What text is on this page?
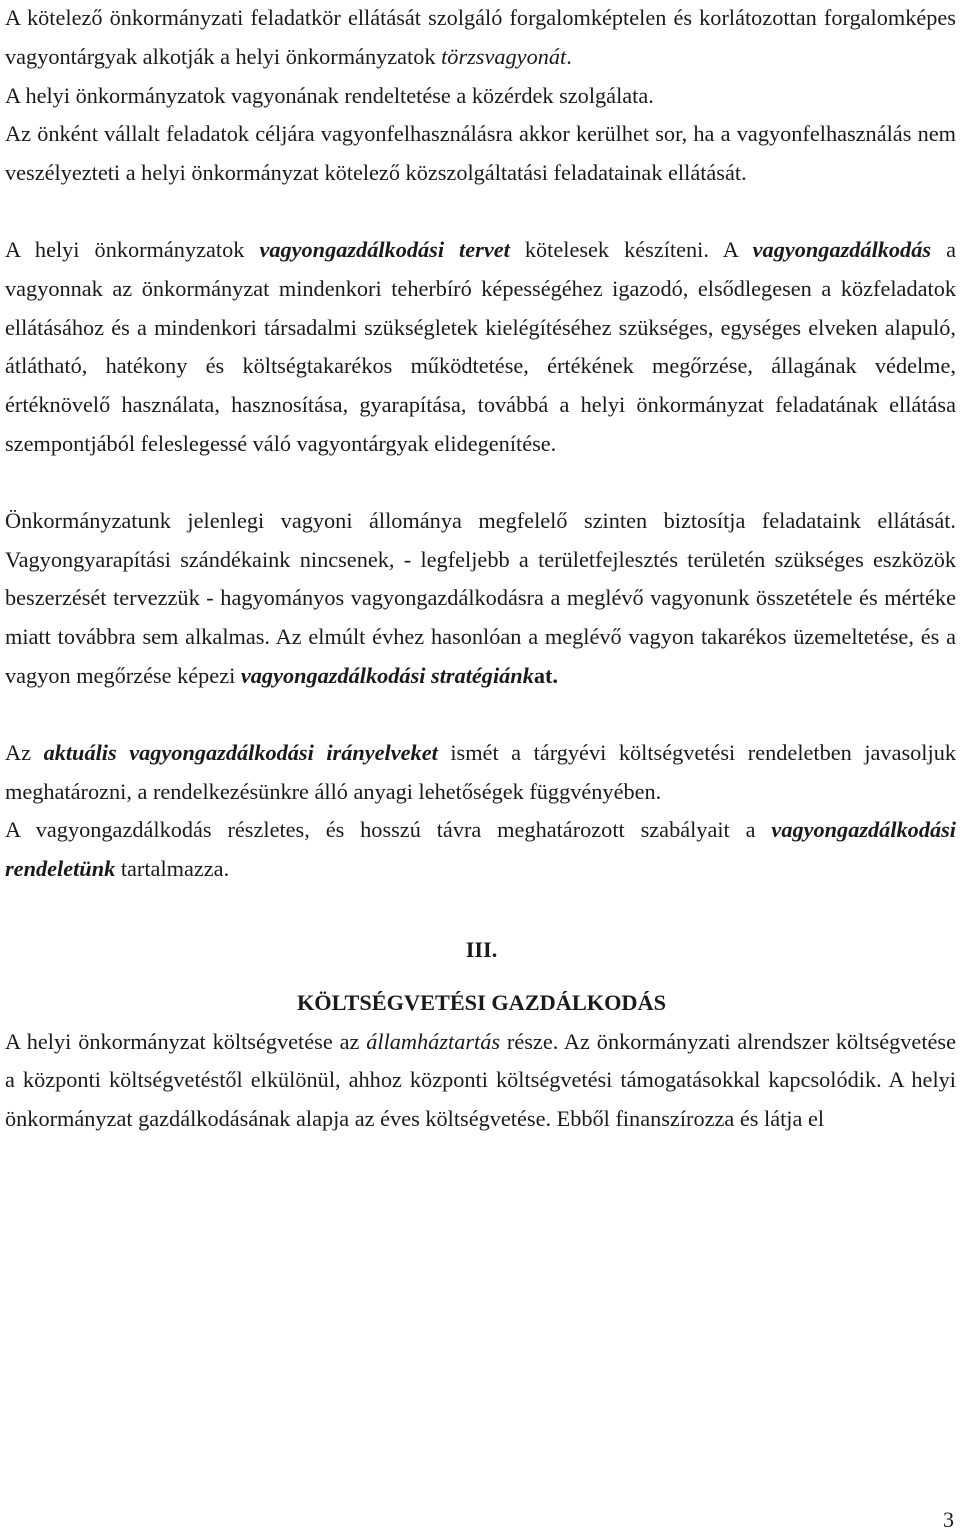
A kötelező önkormányzati feladatkör ellátását szolgáló forgalomképtelen és korlátozottan forgalomképes vagyontárgyak alkotják a helyi önkormányzatok törzsvagyonát.

A helyi önkormányzatok vagyonának rendeltetése a közérdek szolgálata.

Az önként vállalt feladatok céljára vagyonfelhasználásra akkor kerülhet sor, ha a vagyonfelhasználás nem veszélyezteti a helyi önkormányzat kötelező közszolgáltatási feladatainak ellátását.

A helyi önkormányzatok vagyongazdálkodási tervet kötelesek készíteni. A vagyongazdálkodás a vagyonnak az önkormányzat mindenkori teherbíró képességéhez igazodó, elsődlegesen a közfeladatok ellátásához és a mindenkori társadalmi szükségletek kielégítéséhez szükséges, egységes elveken alapuló, átlátható, hatékony és költségtakarékos működtetése, értékének megőrzése, állagának védelme, értéknövelő használata, hasznosítása, gyarapítása, továbbá a helyi önkormányzat feladatának ellátása szempontjából feleslegessé váló vagyontárgyak elidegenítése.

Önkormányzatunk jelenlegi vagyoni állománya megfelelő szinten biztosítja feladataink ellátását. Vagyongyarapítási szándékaink nincsenek, - legfeljebb a területfejlesztés területén szükséges eszközök beszerzését tervezzük - hagyományos vagyongazdálkodásra a meglévő vagyonunk összetétele és mértéke miatt továbbra sem alkalmas. Az elmúlt évhez hasonlóan a meglévő vagyon takarékos üzemeltetése, és a vagyon megőrzése képezi vagyongazdálkodási stratégiánkat.

Az aktuális vagyongazdálkodási irányelveket ismét a tárgyévi költségvetési rendeletben javasoljuk meghatározni, a rendelkezésünkre álló anyagi lehetőségek függvényében.

A vagyongazdálkodás részletes, és hosszú távra meghatározott szabályait a vagyongazdálkodási rendeletünk tartalmazza.

III.

KÖLTSÉGVETÉSI GAZDÁLKODÁS

A helyi önkormányzat költségvetése az államháztartás része. Az önkormányzati alrendszer költségvetése a központi költségvetéstől elkülönül, ahhoz központi költségvetési támogatásokkal kapcsolódik. A helyi önkormányzat gazdálkodásának alapja az éves költségvetése. Ebből finanszírozza és látja el

3
